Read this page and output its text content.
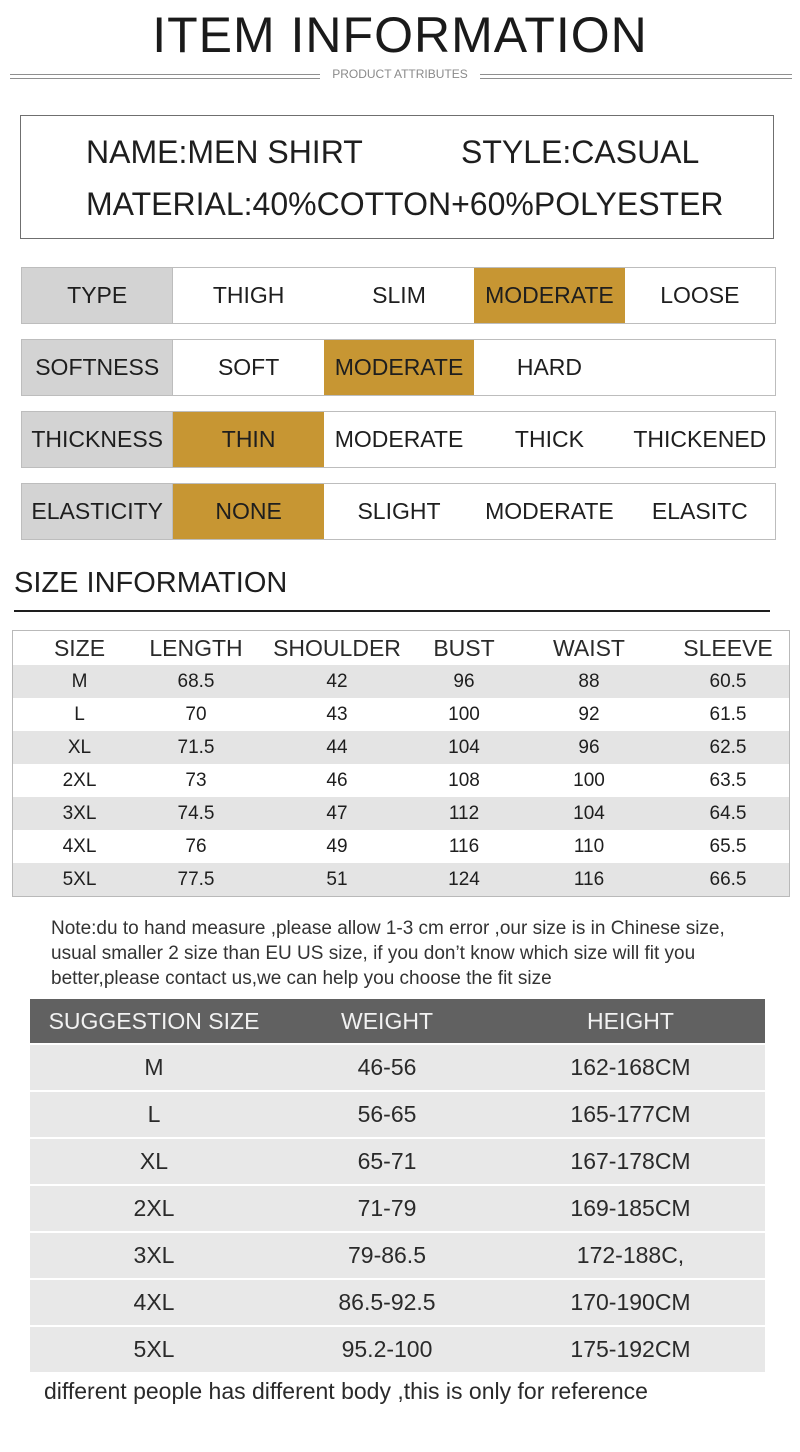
ITEM INFORMATION
PRODUCT ATTRIBUTES
NAME:MEN SHIRT	STYLE:CASUAL
MATERIAL:40%COTTON+60%POLYESTER
TYPE	THIGH	SLIM	MODERATE	LOOSE
SOFTNESS	SOFT	MODERATE	HARD
THICKNESS	THIN	MODERATE	THICK	THICKENED
ELASTICITY	NONE	SLIGHT	MODERATE	ELASITC
SIZE INFORMATION
SIZE	LENGTH	SHOULDER	BUST	WAIST	SLEEVE
M	68.5	42	96	88	60.5
L	70	43	100	92	61.5
XL	71.5	44	104	96	62.5
2XL	73	46	108	100	63.5
3XL	74.5	47	112	104	64.5
4XL	76	49	116	110	65.5
5XL	77.5	51	124	116	66.5
Note:du to hand measure ,please allow 1-3 cm error ,our size is in Chinese size,
usual smaller 2 size than EU US size, if you don’t know which size will fit you
better,please contact us,we can help you choose the fit size
SUGGESTION SIZE	WEIGHT	HEIGHT
M	46-56	162-168CM
L	56-65	165-177CM
XL	65-71	167-178CM
2XL	71-79	169-185CM
3XL	79-86.5	172-188C,
4XL	86.5-92.5	170-190CM
5XL	95.2-100	175-192CM
different people has different body ,this is only for reference
